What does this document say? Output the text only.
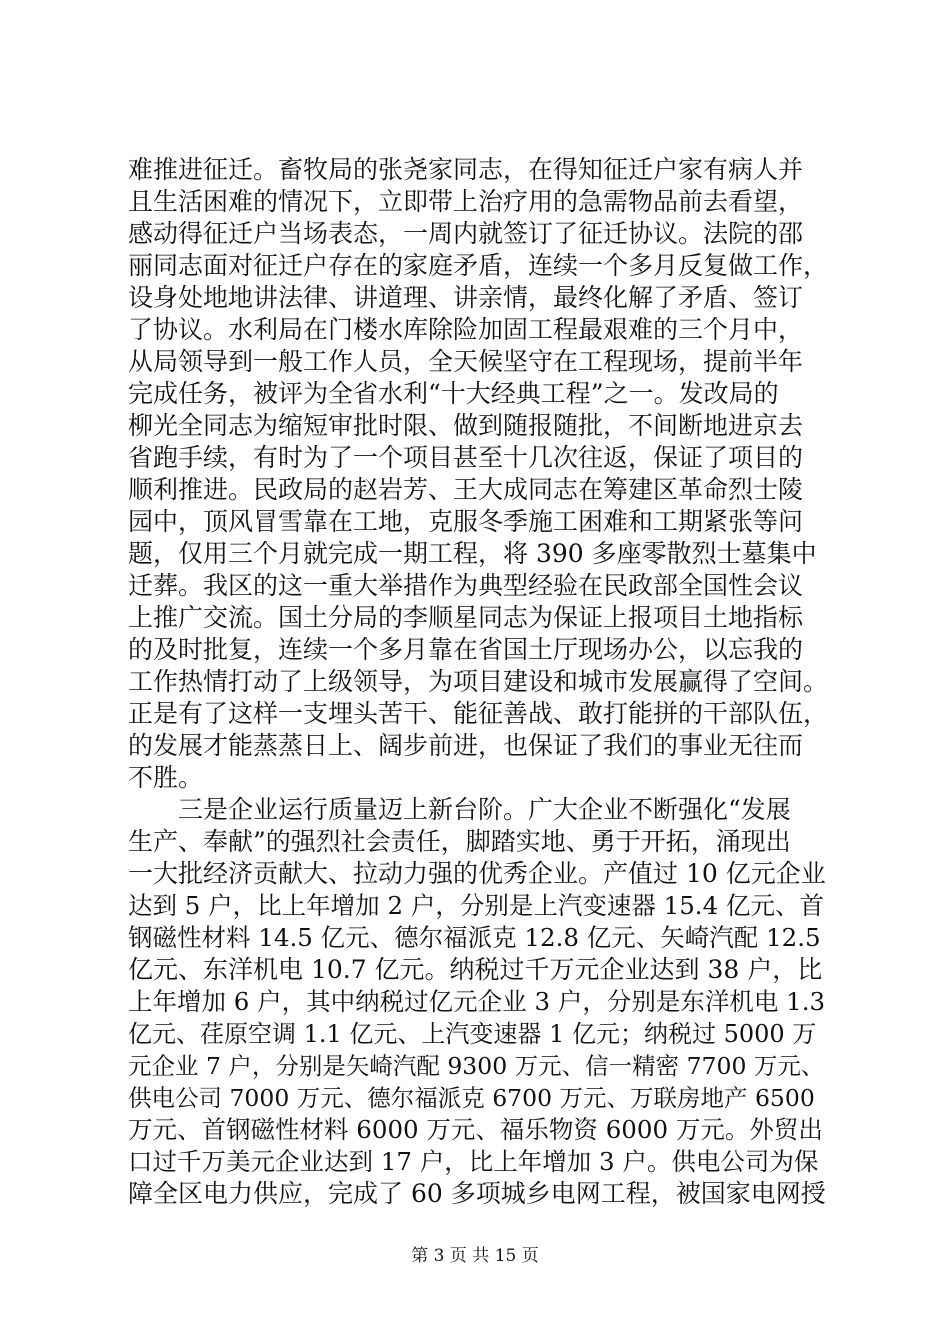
难推进征迁。畜牧局的张尧家同志，在得知征迁户家有病人并
且生活困难的情况下，立即带上治疗用的急需物品前去看望，
感动得征迁户当场表态，一周内就签订了征迁协议。法院的邵
丽同志面对征迁户存在的家庭矛盾，连续一个多月反复做工作，
设身处地地讲法律、讲道理、讲亲情，最终化解了矛盾、签订
了协议。水利局在门楼水库除险加固工程最艰难的三个月中，
从局领导到一般工作人员，全天候坚守在工程现场，提前半年
完成任务，被评为全省水利“十大经典工程”之一。发改局的
柳光全同志为缩短审批时限、做到随报随批，不间断地进京去
省跑手续，有时为了一个项目甚至十几次往返，保证了项目的
顺利推进。民政局的赵岩芳、王大成同志在筹建区革命烈士陵
园中，顶风冒雪靠在工地，克服冬季施工困难和工期紧张等问
题，仅用三个月就完成一期工程，将 390 多座零散烈士墓集中
迁葬。我区的这一重大举措作为典型经验在民政部全国性会议
上推广交流。国土分局的李顺星同志为保证上报项目土地指标
的及时批复，连续一个多月靠在省国土厅现场办公，以忘我的
工作热情打动了上级领导，为项目建设和城市发展赢得了空间。
正是有了这样一支埋头苦干、能征善战、敢打能拼的干部队伍，
的发展才能蒸蒸日上、阔步前进，也保证了我们的事业无往而
不胜。
三是企业运行质量迈上新台阶。广大企业不断强化“发展
生产、奉献”的强烈社会责任，脚踏实地、勇于开拓，涌现出
一大批经济贡献大、拉动力强的优秀企业。产值过 10 亿元企业
达到 5 户，比上年增加 2 户，分别是上汽变速器 15.4 亿元、首
钢磁性材料 14.5 亿元、德尔福派克 12.8 亿元、矢崎汽配 12.5
亿元、东洋机电 10.7 亿元。纳税过千万元企业达到 38 户，比
上年增加 6 户，其中纳税过亿元企业 3 户，分别是东洋机电 1.3
亿元、荏原空调 1.1 亿元、上汽变速器 1 亿元；纳税过 5000 万
元企业 7 户，分别是矢崎汽配 9300 万元、信一精密 7700 万元、
供电公司 7000 万元、德尔福派克 6700 万元、万联房地产 6500
万元、首钢磁性材料 6000 万元、福乐物资 6000 万元。外贸出
口过千万美元企业达到 17 户，比上年增加 3 户。供电公司为保
障全区电力供应，完成了 60 多项城乡电网工程，被国家电网授
第 3 页 共 15 页
